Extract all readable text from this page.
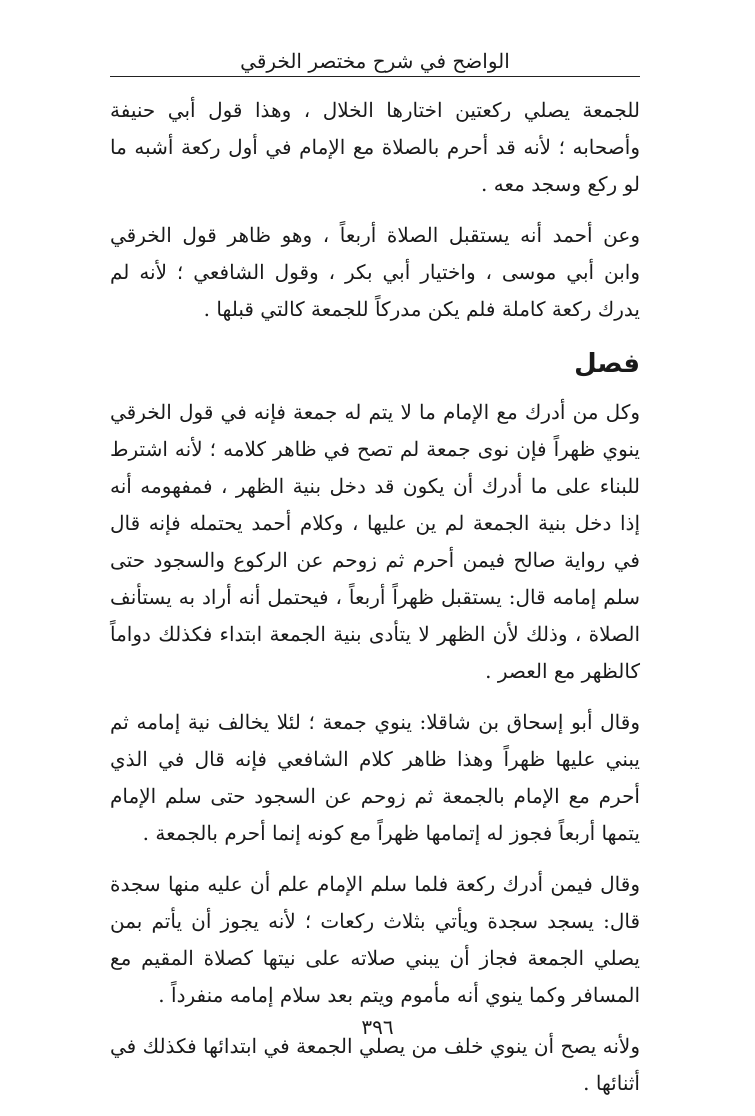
الواضح في شرح مختصر الخرقي

للجمعة يصلي ركعتين اختارها الخلال ، وهذا قول أبي حنيفة وأصحابه ؛ لأنه قد أحرم بالصلاة مع الإمام في أول ركعة أشبه ما لو ركع وسجد معه .

وعن أحمد أنه يستقبل الصلاة أربعاً ، وهو ظاهر قول الخرقي وابن أبي موسى ، واختيار أبي بكر ، وقول الشافعي ؛ لأنه لم يدرك ركعة كاملة فلم يكن مدركاً للجمعة كالتي قبلها .

فصل

وكل من أدرك مع الإمام ما لا يتم له جمعة فإنه في قول الخرقي ينوي ظهراً فإن نوى جمعة لم تصح في ظاهر كلامه ؛ لأنه اشترط للبناء على ما أدرك أن يكون قد دخل بنية الظهر ، فمفهومه أنه إذا دخل بنية الجمعة لم ين عليها ، وكلام أحمد يحتمله فإنه قال في رواية صالح فيمن أحرم ثم زوحم عن الركوع والسجود حتى سلم إمامه قال: يستقبل ظهراً أربعاً ، فيحتمل أنه أراد به يستأنف الصلاة ، وذلك لأن الظهر لا يتأدى بنية الجمعة ابتداء فكذلك دواماً كالظهر مع العصر .

وقال أبو إسحاق بن شاقلا: ينوي جمعة ؛ لئلا يخالف نية إمامه ثم يبني عليها ظهراً وهذا ظاهر كلام الشافعي فإنه قال في الذي أحرم مع الإمام بالجمعة ثم زوحم عن السجود حتى سلم الإمام يتمها أربعاً فجوز له إتمامها ظهراً مع كونه إنما أحرم بالجمعة .

وقال فيمن أدرك ركعة فلما سلم الإمام علم أن عليه منها سجدة قال: يسجد سجدة ويأتي بثلاث ركعات ؛ لأنه يجوز أن يأتم بمن يصلي الجمعة فجاز أن يبني صلاته على نيتها كصلاة المقيم مع المسافر وكما ينوي أنه مأموم ويتم بعد سلام إمامه منفرداً .

ولأنه يصح أن ينوي خلف من يصلي الجمعة في ابتدائها فكذلك في أثنائها .

٣٩٦
